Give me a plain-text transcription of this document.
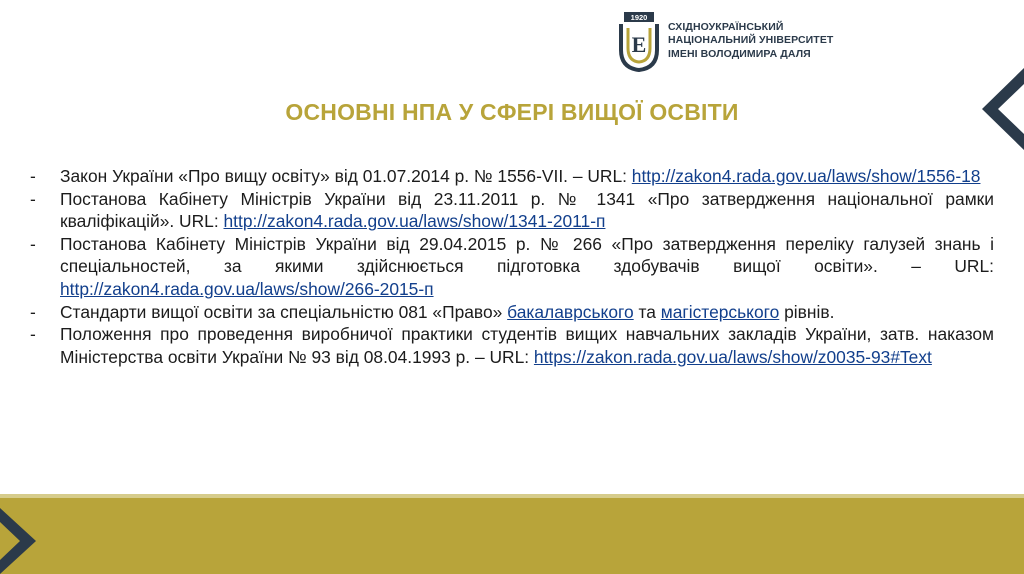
1920
E
СХІДНОУКРАЇНСЬКИЙ
НАЦІОНАЛЬНИЙ УНІВЕРСИТЕТ
ІМЕНІ ВОЛОДИМИРА ДАЛЯ
ОСНОВНІ НПА У СФЕРІ ВИЩОЇ ОСВІТИ
- Закон України «Про вищу освіту» від 01.07.2014 р. № 1556-VII. – URL: http://zakon4.rada.gov.ua/laws/show/1556-18
- Постанова Кабінету Міністрів України від 23.11.2011 р. № 1341 «Про затвердження національної рамки кваліфікацій». URL: http://zakon4.rada.gov.ua/laws/show/1341-2011-п
- Постанова Кабінету Міністрів України від 29.04.2015 р. № 266 «Про затвердження переліку галузей знань і спеціальностей, за якими здійснюється підготовка здобувачів вищої освіти». – URL: http://zakon4.rada.gov.ua/laws/show/266-2015-п
- Стандарти вищої освіти за спеціальністю 081 «Право» бакалаврського та магістерського рівнів.
- Положення про проведення виробничої практики студентів вищих навчальних закладів України, затв. наказом Міністерства освіти України № 93 від 08.04.1993 р. – URL: https://zakon.rada.gov.ua/laws/show/z0035-93#Text
